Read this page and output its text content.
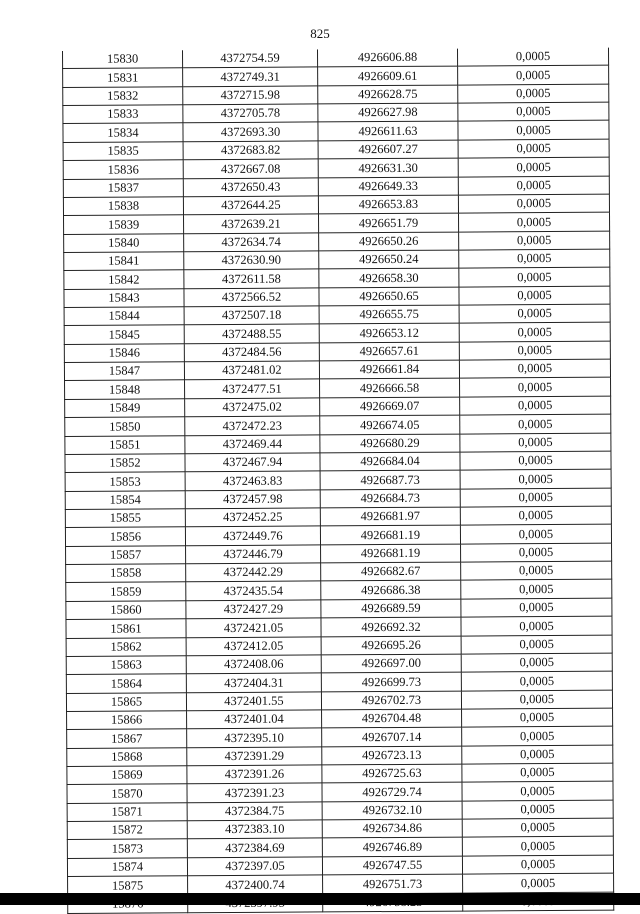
825
15830	4372754.59	4926606.88	0,0005
15831	4372749.31	4926609.61	0,0005
15832	4372715.98	4926628.75	0,0005
15833	4372705.78	4926627.98	0,0005
15834	4372693.30	4926611.63	0,0005
15835	4372683.82	4926607.27	0,0005
15836	4372667.08	4926631.30	0,0005
15837	4372650.43	4926649.33	0,0005
15838	4372644.25	4926653.83	0,0005
15839	4372639.21	4926651.79	0,0005
15840	4372634.74	4926650.26	0,0005
15841	4372630.90	4926650.24	0,0005
15842	4372611.58	4926658.30	0,0005
15843	4372566.52	4926650.65	0,0005
15844	4372507.18	4926655.75	0,0005
15845	4372488.55	4926653.12	0,0005
15846	4372484.56	4926657.61	0,0005
15847	4372481.02	4926661.84	0,0005
15848	4372477.51	4926666.58	0,0005
15849	4372475.02	4926669.07	0,0005
15850	4372472.23	4926674.05	0,0005
15851	4372469.44	4926680.29	0,0005
15852	4372467.94	4926684.04	0,0005
15853	4372463.83	4926687.73	0,0005
15854	4372457.98	4926684.73	0,0005
15855	4372452.25	4926681.97	0,0005
15856	4372449.76	4926681.19	0,0005
15857	4372446.79	4926681.19	0,0005
15858	4372442.29	4926682.67	0,0005
15859	4372435.54	4926686.38	0,0005
15860	4372427.29	4926689.59	0,0005
15861	4372421.05	4926692.32	0,0005
15862	4372412.05	4926695.26	0,0005
15863	4372408.06	4926697.00	0,0005
15864	4372404.31	4926699.73	0,0005
15865	4372401.55	4926702.73	0,0005
15866	4372401.04	4926704.48	0,0005
15867	4372395.10	4926707.14	0,0005
15868	4372391.29	4926723.13	0,0005
15869	4372391.26	4926725.63	0,0005
15870	4372391.23	4926729.74	0,0005
15871	4372384.75	4926732.10	0,0005
15872	4372383.10	4926734.86	0,0005
15873	4372384.69	4926746.89	0,0005
15874	4372397.05	4926747.55	0,0005
15875	4372400.74	4926751.73	0,0005
